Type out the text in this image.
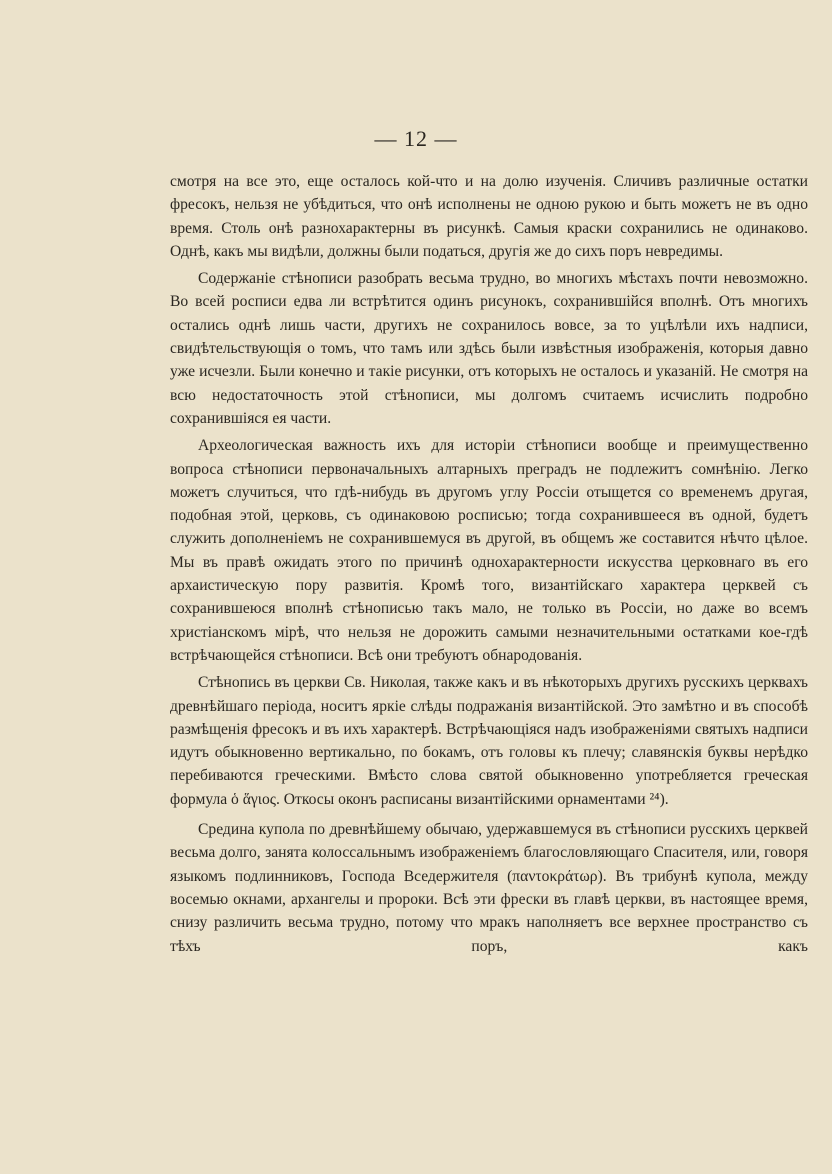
— 12 —

смотря на все это, еще осталось кой-что и на долю изученія. Сличивъ различные остатки фресокъ, нельзя не убѣдиться, что онѣ исполнены не одною рукою и быть можетъ не въ одно время. Столь онѣ разнохарактерны въ рисункѣ. Самыя краски сохранились не одинаково. Однѣ, какъ мы видѣли, должны были податься, другія же до сихъ поръ невредимы.

Содержаніе стѣнописи разобрать весьма трудно, во многихъ мѣстахъ почти невозможно. Во всей росписи едва ли встрѣтится одинъ рисунокъ, сохранившійся вполнѣ. Отъ многихъ остались однѣ лишь части, другихъ не сохранилось вовсе, за то уцѣлѣли ихъ надписи, свидѣтельствующія о томъ, что тамъ или здѣсь были извѣстныя изображенія, которыя давно уже исчезли. Были конечно и такіе рисунки, отъ которыхъ не осталось и указаній. Не смотря на всю недостаточность этой стѣнописи, мы долгомъ считаемъ исчислить подробно сохранившіяся ея части.

Археологическая важность ихъ для исторіи стѣнописи вообще и преимущественно вопроса стѣнописи первоначальныхъ алтарныхъ преградъ не подлежитъ сомнѣнію. Легко можетъ случиться, что гдѣ-нибудь въ другомъ углу Россіи отыщется со временемъ другая, подобная этой, церковь, съ одинаковою росписью; тогда сохранившееся въ одной, будетъ служить дополненіемъ не сохранившемуся въ другой, въ общемъ же составится нѣчто цѣлое. Мы въ правѣ ожидать этого по причинѣ однохарактерности искусства церковнаго въ его архаистическую пору развитія. Кромѣ того, византійскаго характера церквей съ сохранившеюся вполнѣ стѣнописью такъ мало, не только въ Россіи, но даже во всемъ христіанскомъ мірѣ, что нельзя не дорожить самыми незначительными остатками кое-гдѣ встрѣчающейся стѣнописи. Всѣ они требуютъ обнародованія.

Стѣнопись въ церкви Св. Николая, также какъ и въ нѣкоторыхъ другихъ русскихъ церквахъ древнѣйшаго періода, носитъ яркіе слѣды подражанія византійской. Это замѣтно и въ способѣ размѣщенія фресокъ и въ ихъ характерѣ. Встрѣчающіяся надъ изображеніями святыхъ надписи идутъ обыкновенно вертикально, по бокамъ, отъ головы къ плечу; славянскія буквы нерѣдко перебиваются греческими. Вмѣсто слова святой обыкновенно употребляется греческая формула ὁ ἅγιος. Откосы оконъ расписаны византійскими орнаментами ²⁴).

Средина купола по древнѣйшему обычаю, удержавшемуся въ стѣнописи русскихъ церквей весьма долго, занята колоссальнымъ изображеніемъ благословляющаго Спасителя, или, говоря языкомъ подлинниковъ, Господа Вседержителя (παντοκράτωρ). Въ трибунѣ купола, между восемью окнами, архангелы и пророки. Всѣ эти фрески въ главѣ церкви, въ настоящее время, снизу различить весьма трудно, потому что мракъ наполняетъ все верхнее пространство съ тѣхъ поръ, какъ
